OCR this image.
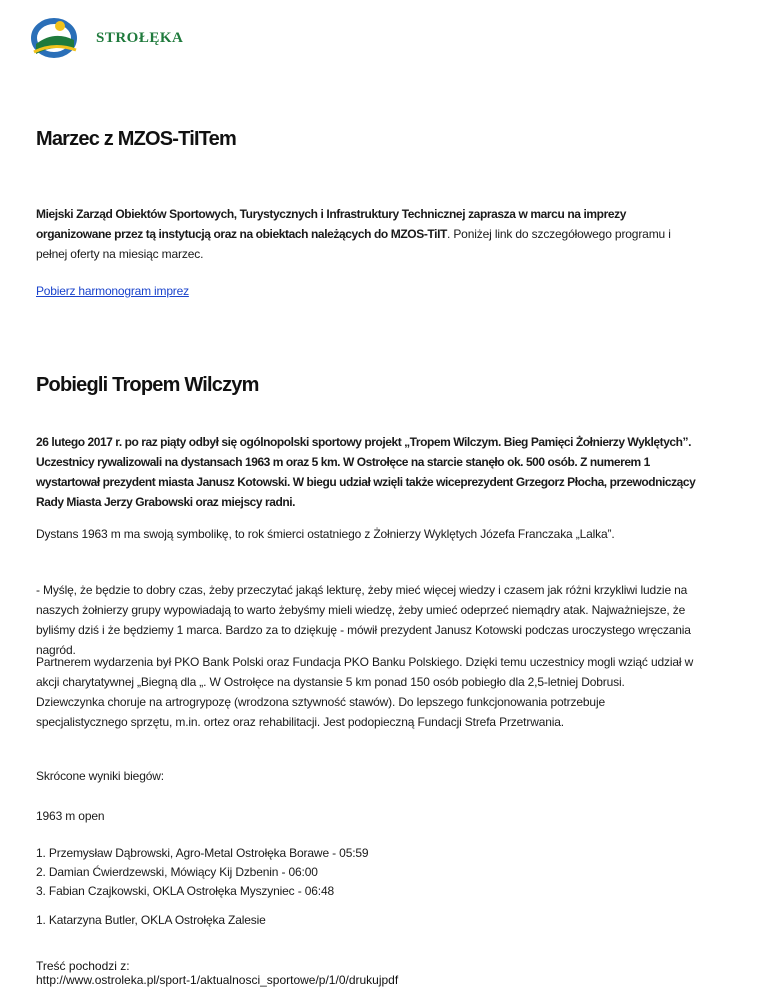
STROŁĘKA
Marzec z MZOS-TiITem
Miejski Zarząd Obiektów Sportowych, Turystycznych i Infrastruktury Technicznej zaprasza w marcu na imprezy organizowane przez tą instytucją oraz na obiektach należących do MZOS-TiIT. Poniżej link do szczegółowego programu i pełnej oferty na miesiąc marzec.
Pobierz harmonogram imprez
Pobiegli Tropem Wilczym
26 lutego 2017 r. po raz piąty odbył się ogólnopolski sportowy projekt „Tropem Wilczym. Bieg Pamięci Żołnierzy Wyklętych”. Uczestnicy rywalizowali na dystansach 1963 m oraz 5 km. W Ostrołęce na starcie stanęło ok. 500 osób. Z numerem 1 wystartował prezydent miasta Janusz Kotowski. W biegu udział wzięli także wiceprezydent Grzegorz Płocha, przewodniczący Rady Miasta Jerzy Grabowski oraz miejscy radni.
Dystans 1963 m ma swoją symbolikę, to rok śmierci ostatniego z Żołnierzy Wyklętych Józefa Franczaka „Lalka”.
- Myślę, że będzie to dobry czas, żeby przeczytać jakąś lekturę, żeby mieć więcej wiedzy i czasem jak różni krzykliwi ludzie na naszych żołnierzy grupy wypowiadają to warto żebyśmy mieli wiedzę, żeby umieć odeprzeć niemądry atak. Najważniejsze, że byliśmy dziś i że będziemy 1 marca. Bardzo za to dziękuję - mówił prezydent Janusz Kotowski podczas uroczystego wręczania nagród.
Partnerem wydarzenia był PKO Bank Polski oraz Fundacja PKO Banku Polskiego. Dzięki temu uczestnicy mogli wziąć udział w akcji charytatywnej „Biegną dla „. W Ostrołęce na dystansie 5 km ponad 150 osób pobiegło dla 2,5-letniej Dobrusi. Dziewczynka choruje na artrogrypozę (wrodzona sztywność stawów). Do lepszego funkcjonowania potrzebuje specjalistycznego sprzętu, m.in. ortez oraz rehabilitacji. Jest podopieczną Fundacji Strefa Przetrwania.
Skrócone wyniki biegów:
1963 m open
1. Przemysław Dąbrowski, Agro-Metal Ostrołęka Borawe - 05:59
2. Damian Ćwierdzewski, Mówiący Kij Dzbenin - 06:00
3. Fabian Czajkowski, OKLA Ostrołęka Myszyniec - 06:48
1. Katarzyna Butler, OKLA Ostrołęka Zalesie
Treść pochodzi z:
http://www.ostroleka.pl/sport-1/aktualnosci_sportowe/p/1/0/drukujpdf
